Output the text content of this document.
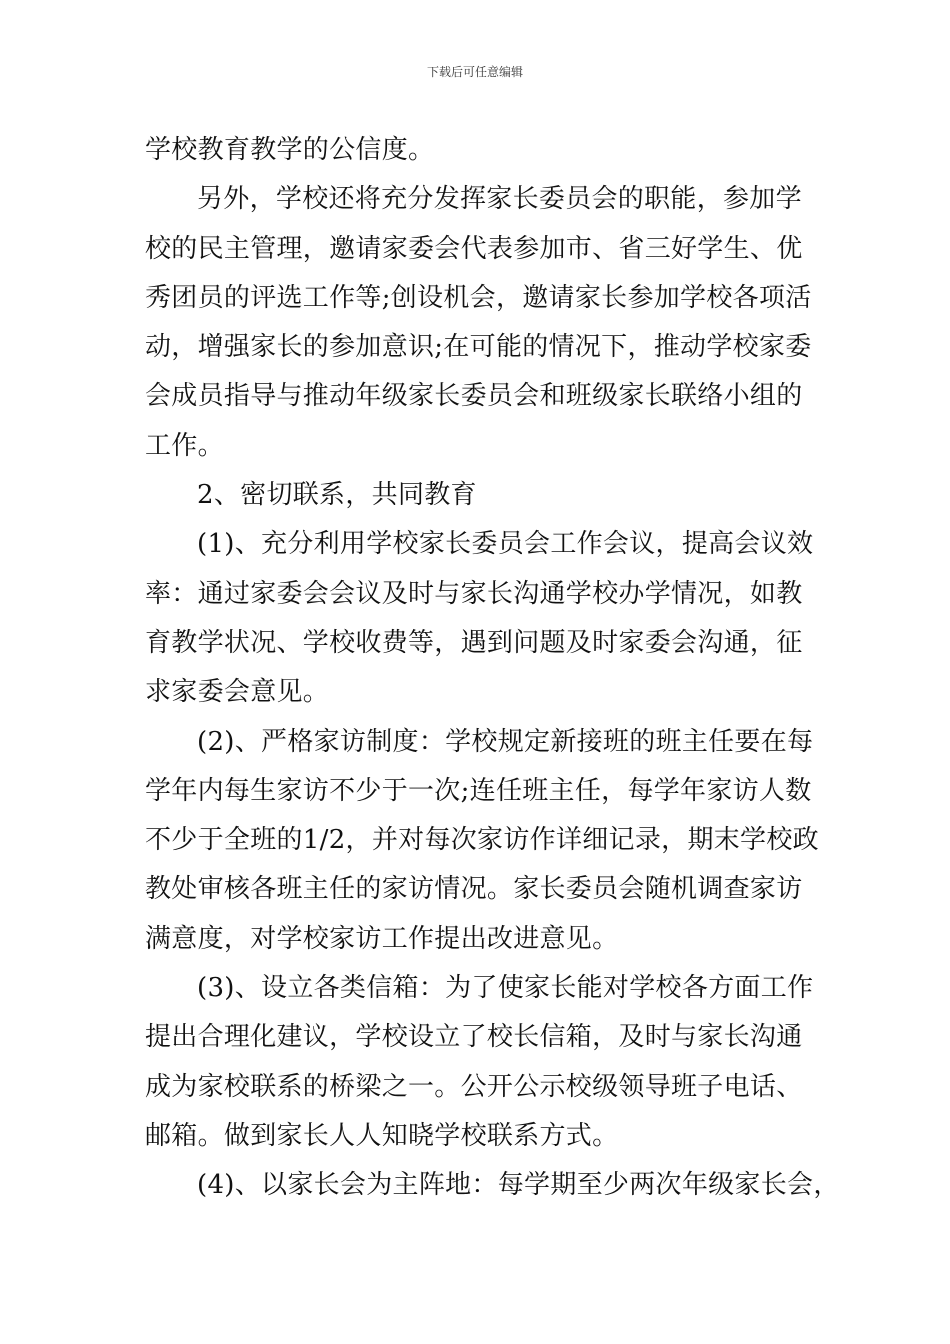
下载后可任意编辑
学校教育教学的公信度。
另外，学校还将充分发挥家长委员会的职能，参加学
校的民主管理，邀请家委会代表参加市、省三好学生、优
秀团员的评选工作等;创设机会，邀请家长参加学校各项活
动，增强家长的参加意识;在可能的情况下，推动学校家委
会成员指导与推动年级家长委员会和班级家长联络小组的
工作。
2、密切联系，共同教育
(1)、充分利用学校家长委员会工作会议，提高会议效
率：通过家委会会议及时与家长沟通学校办学情况，如教
育教学状况、学校收费等，遇到问题及时家委会沟通，征
求家委会意见。
(2)、严格家访制度：学校规定新接班的班主任要在每
学年内每生家访不少于一次;连任班主任，每学年家访人数
不少于全班的1/2，并对每次家访作详细记录，期末学校政
教处审核各班主任的家访情况。家长委员会随机调查家访
满意度，对学校家访工作提出改进意见。
(3)、设立各类信箱：为了使家长能对学校各方面工作
提出合理化建议，学校设立了校长信箱，及时与家长沟通
成为家校联系的桥梁之一。公开公示校级领导班子电话、
邮箱。做到家长人人知晓学校联系方式。
(4)、以家长会为主阵地：每学期至少两次年级家长会，
